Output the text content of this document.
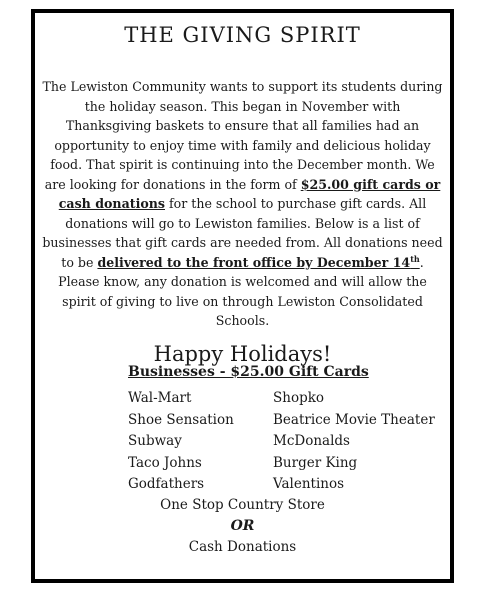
THE GIVING SPIRIT
The Lewiston Community wants to support its students during the holiday season. This began in November with Thanksgiving baskets to ensure that all families had an opportunity to enjoy time with family and delicious holiday food. That spirit is continuing into the December month. We are looking for donations in the form of $25.00 gift cards or cash donations for the school to purchase gift cards. All donations will go to Lewiston families. Below is a list of businesses that gift cards are needed from. All donations need to be delivered to the front office by December 14th. Please know, any donation is welcomed and will allow the spirit of giving to live on through Lewiston Consolidated Schools.
Happy Holidays!
Businesses - $25.00 Gift Cards
Wal-Mart	Shopko
Shoe Sensation	Beatrice Movie Theater
Subway	McDonalds
Taco Johns	Burger King
Godfathers	Valentinos
One Stop Country Store
OR
Cash Donations
